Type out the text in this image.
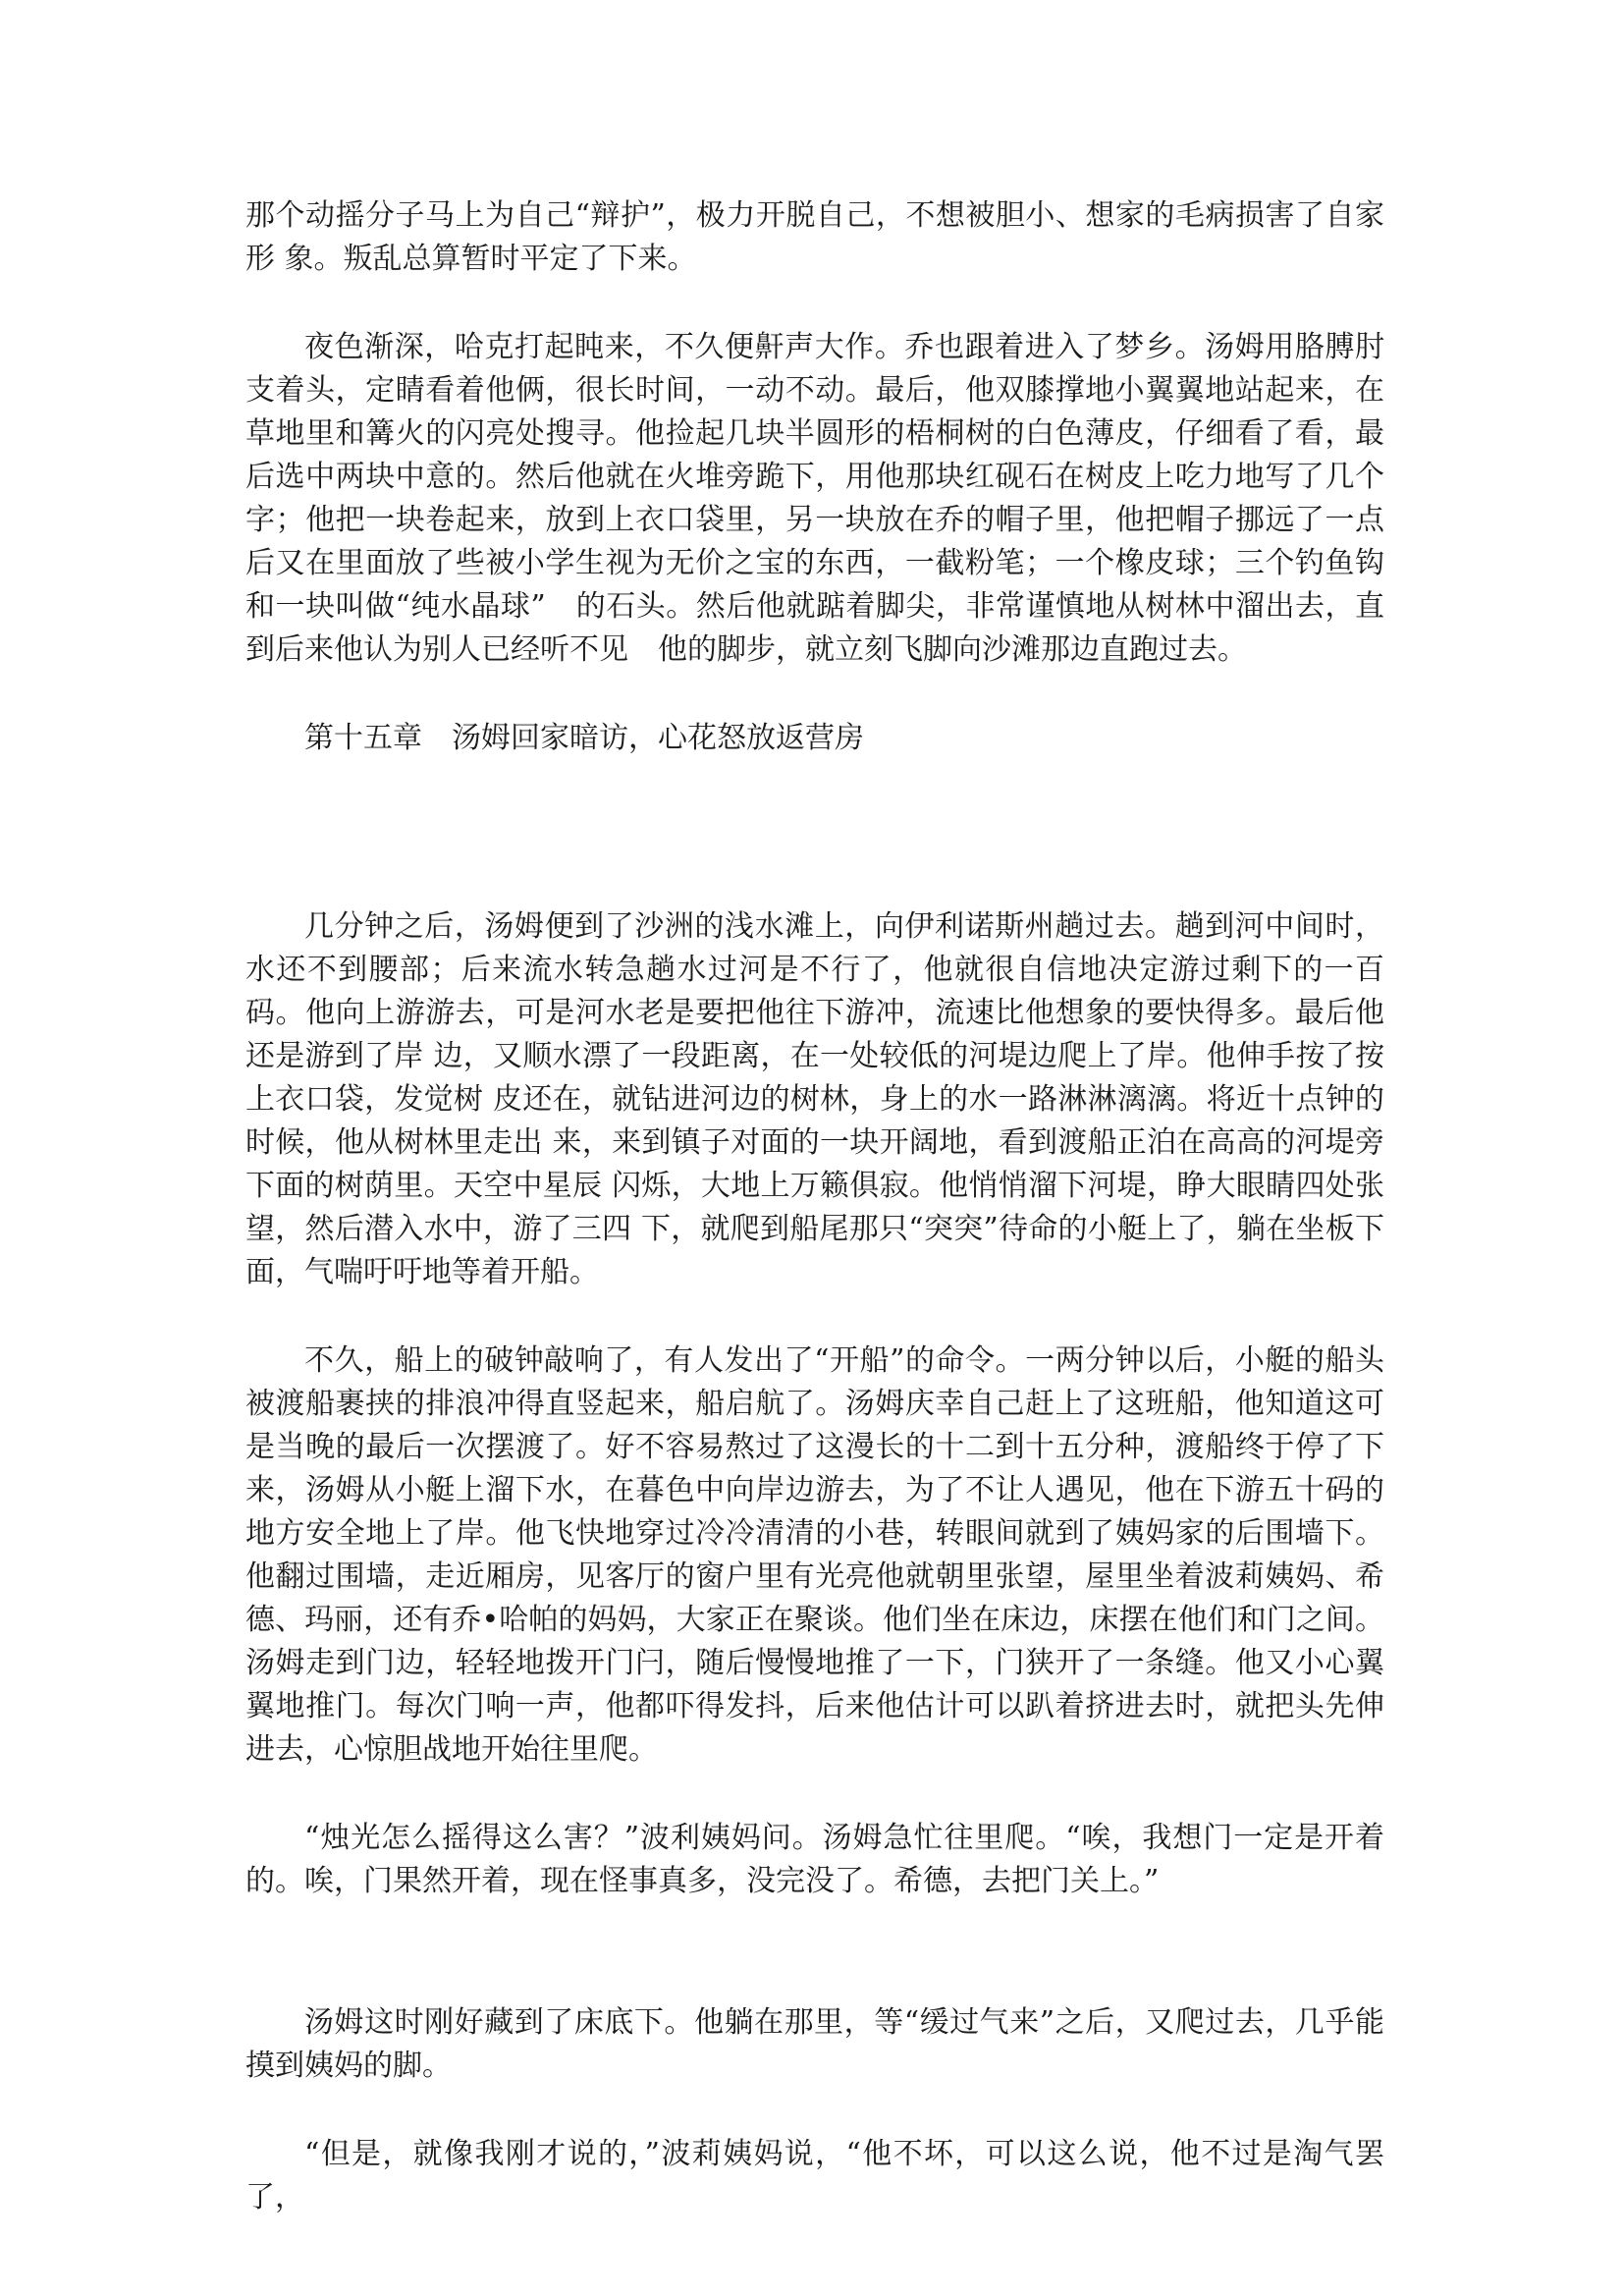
那个动摇分子马上为自己“辩护”，极力开脱自己，不想被胆小、想家的毛病损害了自家形 象。叛乱总算暂时平定了下来。

夜色渐深，哈克打起盹来，不久便鼾声大作。乔也跟着进入了梦乡。汤姆用胳膊肘支着头，定睛看着他俩，很长时间，一动不动。最后，他双膝撑地小翼翼地站起来，在草地里和篝火的闪亮处搜寻。他捡起几块半圆形的梧桐树的白色薄皮，仔细看了看，最后选中两块中意的。然后他就在火堆旁跪下，用他那块红砚石在树皮上吃力地写了几个字；他把一块卷起来，放到上衣口袋里，另一块放在乔的帽子里，他把帽子挪远了一点后又在里面放了些被小学生视为无价之宝的东西，一截粉笔；一个橡皮球；三个钓鱼钩和一块叫做“纯水晶球”　的石头。然后他就踮着脚尖，非常谨慎地从树林中溜出去，直到后来他认为别人已经听不见　他的脚步，就立刻飞脚向沙滩那边直跑过去。

第十五章　汤姆回家暗访，心花怒放返营房

几分钟之后，汤姆便到了沙洲的浅水滩上，向伊利诺斯州趟过去。趟到河中间时，水还不到腰部；后来流水转急趟水过河是不行了，他就很自信地决定游过剩下的一百码。他向上游游去，可是河水老是要把他往下游冲，流速比他想象的要快得多。最后他还是游到了岸 边，又顺水漂了一段距离，在一处较低的河堤边爬上了岸。他伸手按了按上衣口袋，发觉树 皮还在，就钻进河边的树林，身上的水一路淋淋漓漓。将近十点钟的时候，他从树林里走出 来，来到镇子对面的一块开阔地，看到渡船正泊在高高的河堤旁下面的树荫里。天空中星辰 闪烁，大地上万籁俱寂。他悄悄溜下河堤，睁大眼睛四处张望，然后潜入水中，游了三四 下，就爬到船尾那只“突突”待命的小艇上了，躺在坐板下面，气喘吁吁地等着开船。

不久，船上的破钟敲响了，有人发出了“开船”的命令。一两分钟以后，小艇的船头被渡船裹挟的排浪冲得直竖起来，船启航了。汤姆庆幸自己赶上了这班船，他知道这可是当晚的最后一次摆渡了。好不容易熬过了这漫长的十二到十五分种，渡船终于停了下来，汤姆从小艇上溜下水，在暮色中向岸边游去，为了不让人遇见，他在下游五十码的地方安全地上了岸。他飞快地穿过冷冷清清的小巷，转眼间就到了姨妈家的后围墙下。他翻过围墙，走近厢房，见客厅的窗户里有光亮他就朝里张望，屋里坐着波莉姨妈、希德、玛丽，还有乔•哈帕的妈妈，大家正在聚谈。他们坐在床边，床摆在他们和门之间。汤姆走到门边，轻轻地拨开门闩，随后慢慢地推了一下，门狭开了一条缝。他又小心翼翼地推门。每次门响一声，他都吓得发抖，后来他估计可以趴着挤进去时，就把头先伸进去，心惊胆战地开始往里爬。

“烛光怎么摇得这么害？”波利姨妈问。汤姆急忙往里爬。“唉，我想门一定是开着的。唉，门果然开着，现在怪事真多，没完没了。希德，去把门关上。”

汤姆这时刚好藏到了床底下。他躺在那里，等“缓过气来”之后，又爬过去，几乎能摸到姨妈的脚。

“但是，就像我刚才说的，”波莉姨妈说，“他不坏，可以这么说，他不过是淘气罢 了，
